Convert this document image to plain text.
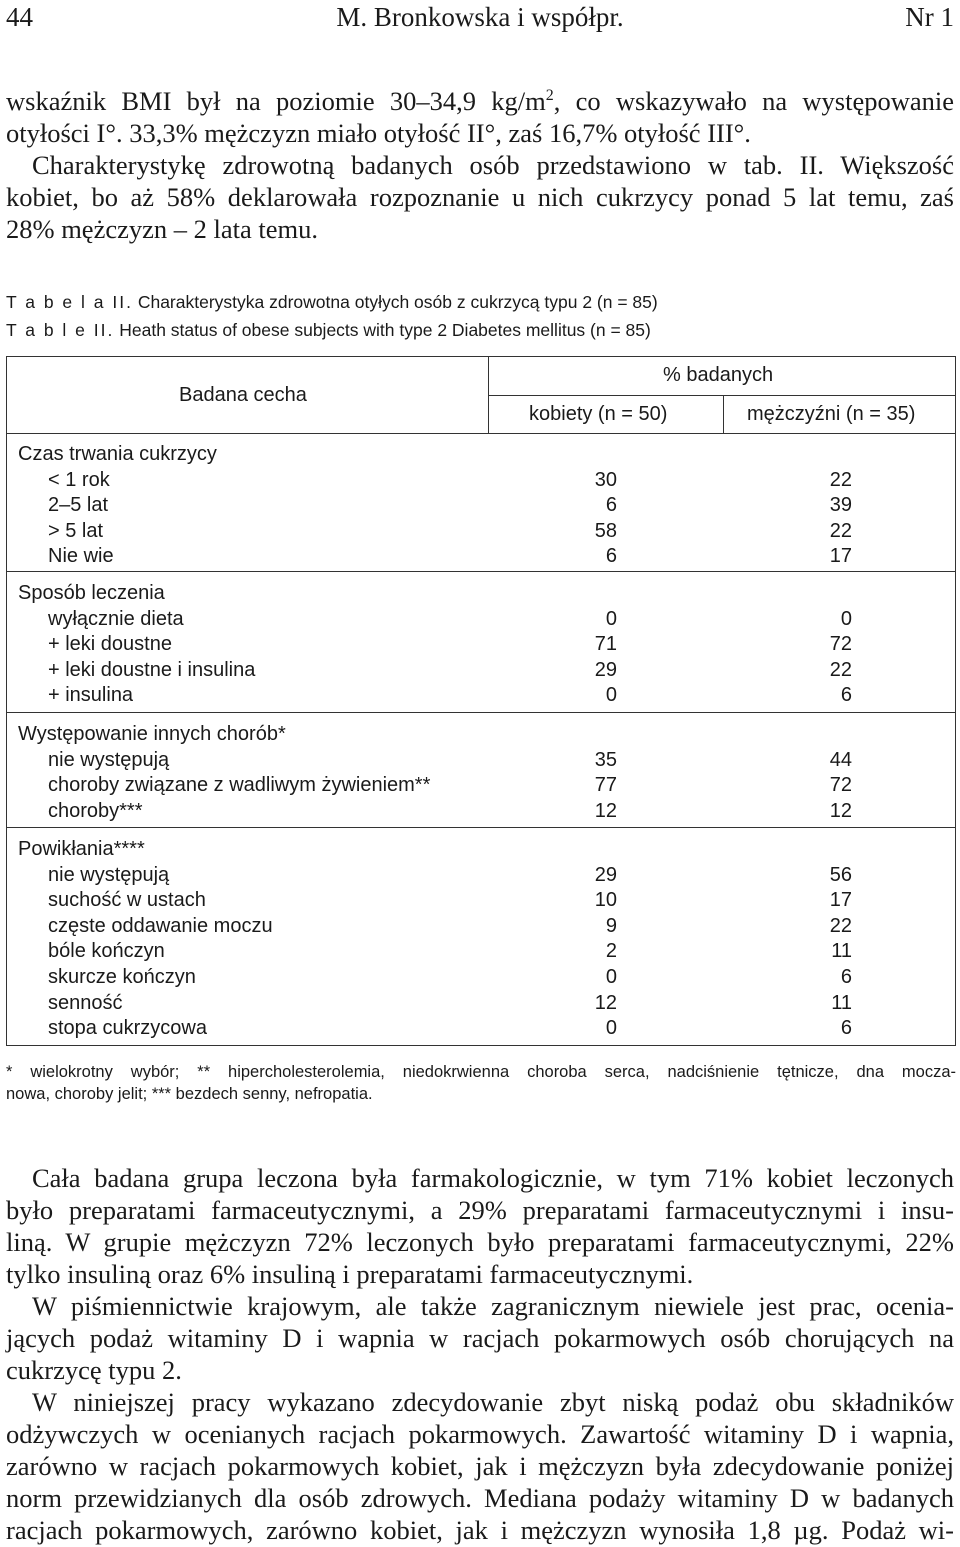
44	M. Bronkowska i współpr.	Nr 1
wskaźnik BMI był na poziomie 30–34,9 $kg/m^2$, co wskazywało na występowanie
otyłości I°. 33,3% mężczyzn miało otyłość II°, zaś 16,7% otyłość III°.
Charakterystykę zdrowotną badanych osób przedstawiono w tab. II. Większość
kobiet, bo aż 58% deklarowała rozpoznanie u nich cukrzycy ponad 5 lat temu, zaś
28% mężczyzn – 2 lata temu.
T a b e l a II. Charakterystyka zdrowotna otyłych osób z cukrzycą typu 2 (n = 85)
T a b l e II. Heath status of obese subjects with type 2 Diabetes mellitus (n = 85)
Badana cecha
% badanych
kobiety (n = 50)	mężczyźni (n = 35)
Czas trwania cukrzycy
< 1 rok	30	22
2–5 lat	6	39
> 5 lat	58	22
Nie wie	6	17
Sposób leczenia
wyłącznie dieta	0	0
+ leki doustne	71	72
+ leki doustne i insulina	29	22
+ insulina	0	6
Występowanie innych chorób*
nie występują	35	44
choroby związane z wadliwym żywieniem**	77	72
choroby***	12	12
Powikłania****
nie występują	29	56
suchość w ustach	10	17
częste oddawanie moczu	9	22
bóle kończyn	2	11
skurcze kończyn	0	6
senność	12	11
stopa cukrzycowa	0	6
* wielokrotny wybór; ** hipercholesterolemia, niedokrwienna choroba serca, nadciśnienie tętnicze, dna mocza-
nowa, choroby jelit; *** bezdech senny, nefropatia.
Cała badana grupa leczona była farmakologicznie, w tym 71% kobiet leczonych
było preparatami farmaceutycznymi, a 29% preparatami farmaceutycznymi i insu-
liną. W grupie mężczyzn 72% leczonych było preparatami farmaceutycznymi, 22%
tylko insuliną oraz 6% insuliną i preparatami farmaceutycznymi.
W piśmiennictwie krajowym, ale także zagranicznym niewiele jest prac, oceniа-
jących podaż witaminy D i wapnia w racjach pokarmowych osób chorujących na
cukrzycę typu 2.
W niniejszej pracy wykazano zdecydowanie zbyt niską podaż obu składników
odżywczych w ocenianych racjach pokarmowych. Zawartość witaminy D i wapnia,
zarówno w racjach pokarmowych kobiet, jak i mężczyzn była zdecydowanie poniżej
norm przewidzianych dla osób zdrowych. Mediana podaży witaminy D w badanych
racjach pokarmowych, zarówno kobiet, jak i mężczyzn wynosiła 1,8 µg. Podaż wi-
